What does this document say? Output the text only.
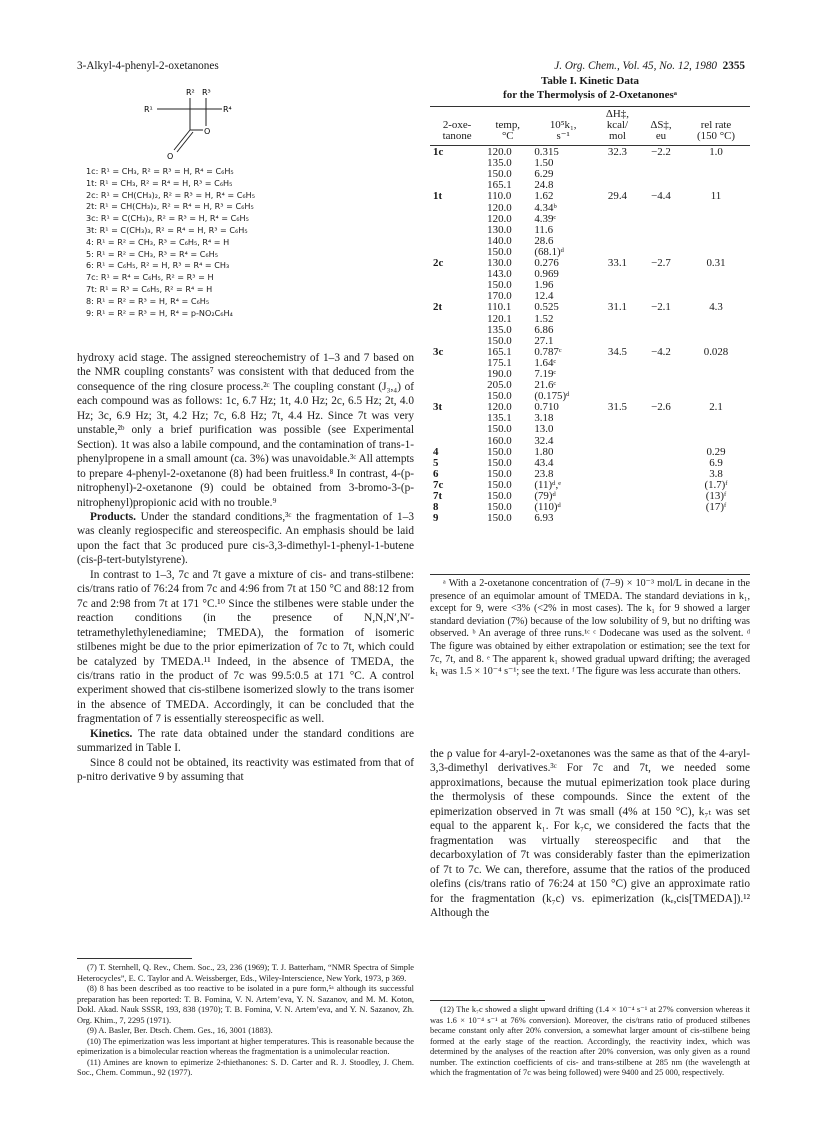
3-Alkyl-4-phenyl-2-oxetanones	J. Org. Chem., Vol. 45, No. 12, 1980 2355
R² R³
R¹	R⁴
O
O
1c: R¹ = CH₃, R² = R³ = H, R⁴ = C₆H₅
1t: R¹ = CH₃, R² = R⁴ = H, R³ = C₆H₅
2c: R¹ = CH(CH₃)₂, R² = R³ = H, R⁴ = C₆H₅
2t: R¹ = CH(CH₃)₂, R² = R⁴ = H, R³ = C₆H₅
3c: R¹ = C(CH₃)₃, R² = R³ = H, R⁴ = C₆H₅
3t: R¹ = C(CH₃)₃, R² = R⁴ = H, R³ = C₆H₅
4: R¹ = R² = CH₃, R³ = C₆H₅, R⁴ = H
5: R¹ = R² = CH₃, R³ = R⁴ = C₆H₅
6: R¹ = C₆H₅, R² = H, R³ = R⁴ = CH₃
7c: R¹ = R⁴ = C₆H₅, R² = R³ = H
7t: R¹ = R³ = C₆H₅, R² = R⁴ = H
8: R¹ = R² = R³ = H, R⁴ = C₆H₅
9: R¹ = R² = R³ = H, R⁴ = p-NO₂C₆H₄

hydroxy acid stage. The assigned stereochemistry of 1–3 and 7 based on the NMR coupling constants⁷ was consistent with that deduced from the consequence of the ring closure process.²ᶜ The coupling constant (J₃,₄) of each compound was as follows: 1c, 6.7 Hz; 1t, 4.0 Hz; 2c, 6.5 Hz; 2t, 4.0 Hz; 3c, 6.9 Hz; 3t, 4.2 Hz; 7c, 6.8 Hz; 7t, 4.4 Hz. Since 7t was very unstable,²ᵇ only a brief purification was possible (see Experimental Section). 1t was also a labile compound, and the contamination of trans-1-phenylpropene in a small amount (ca. 3%) was unavoidable.³ᶜ All attempts to prepare 4-phenyl-2-oxetanone (8) had been fruitless.⁸ In contrast, 4-(p-nitrophenyl)-2-oxetanone (9) could be obtained from 3-bromo-3-(p-nitrophenyl)propionic acid with no trouble.⁹

Products. Under the standard conditions,³ᶜ the fragmentation of 1–3 was cleanly regiospecific and stereospecific. An emphasis should be laid upon the fact that 3c produced pure cis-3,3-dimethyl-1-phenyl-1-butene (cis-β-tert-butylstyrene).

In contrast to 1–3, 7c and 7t gave a mixture of cis- and trans-stilbene: cis/trans ratio of 76:24 from 7c and 4:96 from 7t at 150 °C and 88:12 from 7c and 2:98 from 7t at 171 °C.¹⁰ Since the stilbenes were stable under the reaction conditions (in the presence of N,N,N′,N′-tetramethylethylenediamine; TMEDA), the formation of isomeric stilbenes might be due to the prior epimerization of 7c to 7t, which could be catalyzed by TMEDA.¹¹ Indeed, in the absence of TMEDA, the cis/trans ratio in the product of 7c was 99.5:0.5 at 171 °C. A control experiment showed that cis-stilbene isomerized slowly to the trans isomer in the absence of TMEDA. Accordingly, it can be concluded that the fragmentation of 7 is essentially stereospecific as well.

Kinetics. The rate data obtained under the standard conditions are summarized in Table I.

Since 8 could not be obtained, its reactivity was estimated from that of p-nitro derivative 9 by assuming that

(7) T. Sternhell, Q. Rev., Chem. Soc., 23, 236 (1969); T. J. Batterham, “NMR Spectra of Simple Heterocycles”, E. C. Taylor and A. Weissberger, Eds., Wiley-Interscience, New York, 1973, p 369.

(8) 8 has been described as too reactive to be isolated in a pure form,⁵ᵃ although its successful preparation has been reported: T. B. Fomina, V. N. Artem’eva, Y. N. Sazanov, and M. M. Koton, Dokl. Akad. Nauk SSSR, 193, 838 (1970); T. B. Fomina, V. N. Artem’eva, and Y. N. Sazanov, Zh. Org. Khim., 7, 2295 (1971).

(9) A. Basler, Ber. Dtsch. Chem. Ges., 16, 3001 (1883).

(10) The epimerization was less important at higher temperatures. This is reasonable because the epimerization is a bimolecular reaction whereas the fragmentation is a unimolecular reaction.

(11) Amines are known to epimerize 2-thiethanones: S. D. Carter and R. J. Stoodley, J. Chem. Soc., Chem. Commun., 92 (1977).

Table I. Kinetic Data
for the Thermolysis of 2-Oxetanonesᵃ
2-oxe-
tanone	temp,
°C	10⁵k₁,
s⁻¹	ΔH‡,
kcal/
mol	ΔS‡,
eu	rel rate
(150 °C)

1c	120.0	0.315	32.3	−2.2	1.0
	135.0	1.50			
	150.0	6.29			
	165.1	24.8			
1t	110.0	1.62	29.4	−4.4	11
	120.0	4.34ᵇ			
	120.0	4.39ᶜ			
	130.0	11.6			
	140.0	28.6			
	150.0	(68.1)ᵈ			
2c	130.0	0.276	33.1	−2.7	0.31
	143.0	0.969			
	150.0	1.96			
	170.0	12.4			
2t	110.1	0.525	31.1	−2.1	4.3
	120.1	1.52			
	135.0	6.86			
	150.0	27.1			
3c	165.1	0.787ᶜ	34.5	−4.2	0.028
	175.1	1.64ᶜ			
	190.0	7.19ᶜ			
	205.0	21.6ᶜ			
	150.0	(0.175)ᵈ			
3t	120.0	0.710	31.5	−2.6	2.1
	135.1	3.18			
	150.0	13.0			
	160.0	32.4			
4	150.0	1.80			0.29
5	150.0	43.4			6.9
6	150.0	23.8			3.8
7c	150.0	(11)ᵈ,ᵉ			(1.7)ᶠ
7t	150.0	(79)ᵈ			(13)ᶠ
8	150.0	(110)ᵈ			(17)ᶠ
9	150.0	6.93			

ᵃ With a 2-oxetanone concentration of (7–9) × 10⁻³ mol/L in decane in the presence of an equimolar amount of TMEDA. The standard deviations in k₁, except for 9, were <3% (<2% in most cases). The k₁ for 9 showed a larger standard deviation (7%) because of the low solubility of 9, but no drifting was observed. ᵇ An average of three runs.¹ᶜ ᶜ Dodecane was used as the solvent. ᵈ The figure was obtained by either extrapolation or estimation; see the text for 7c, 7t, and 8. ᵉ The apparent k₁ showed gradual upward drifting; the averaged k₁ was 1.5 × 10⁻⁴ s⁻¹; see the text. ᶠ The figure was less accurate than others.

the ρ value for 4-aryl-2-oxetanones was the same as that of the 4-aryl-3,3-dimethyl derivatives.³ᶜ For 7c and 7t, we needed some approximations, because the mutual epimerization took place during the thermolysis of these compounds. Since the extent of the epimerization observed in 7t was small (4% at 150 °C), k₇ₜ was set equal to the apparent k₁. For k₇c, we considered the facts that the fragmentation was virtually stereospecific and that the decarboxylation of 7t was considerably faster than the epimerization of 7t to 7c. We can, therefore, assume that the ratios of the produced olefins (cis/trans ratio of 76:24 at 150 °C) give an approximate ratio for the fragmentation (k₇c) vs. epimerization (kₑ,cis[TMEDA]).¹² Although the

(12) The k₇c showed a slight upward drifting (1.4 × 10⁻⁴ s⁻¹ at 27% conversion whereas it was 1.6 × 10⁻⁴ s⁻¹ at 76% conversion). Moreover, the cis/trans ratio of produced stilbenes became constant only after 20% conversion, a somewhat larger amount of cis-stilbene being formed at the early stage of the reaction. Accordingly, the reactivity index, which was determined by the analyses of the reaction after 20% conversion, was only given as a round number. The extinction coefficients of cis- and trans-stilbene at 285 nm (the wavelength at which the fragmentation of 7c was being followed) were 9400 and 25 000, respectively.
